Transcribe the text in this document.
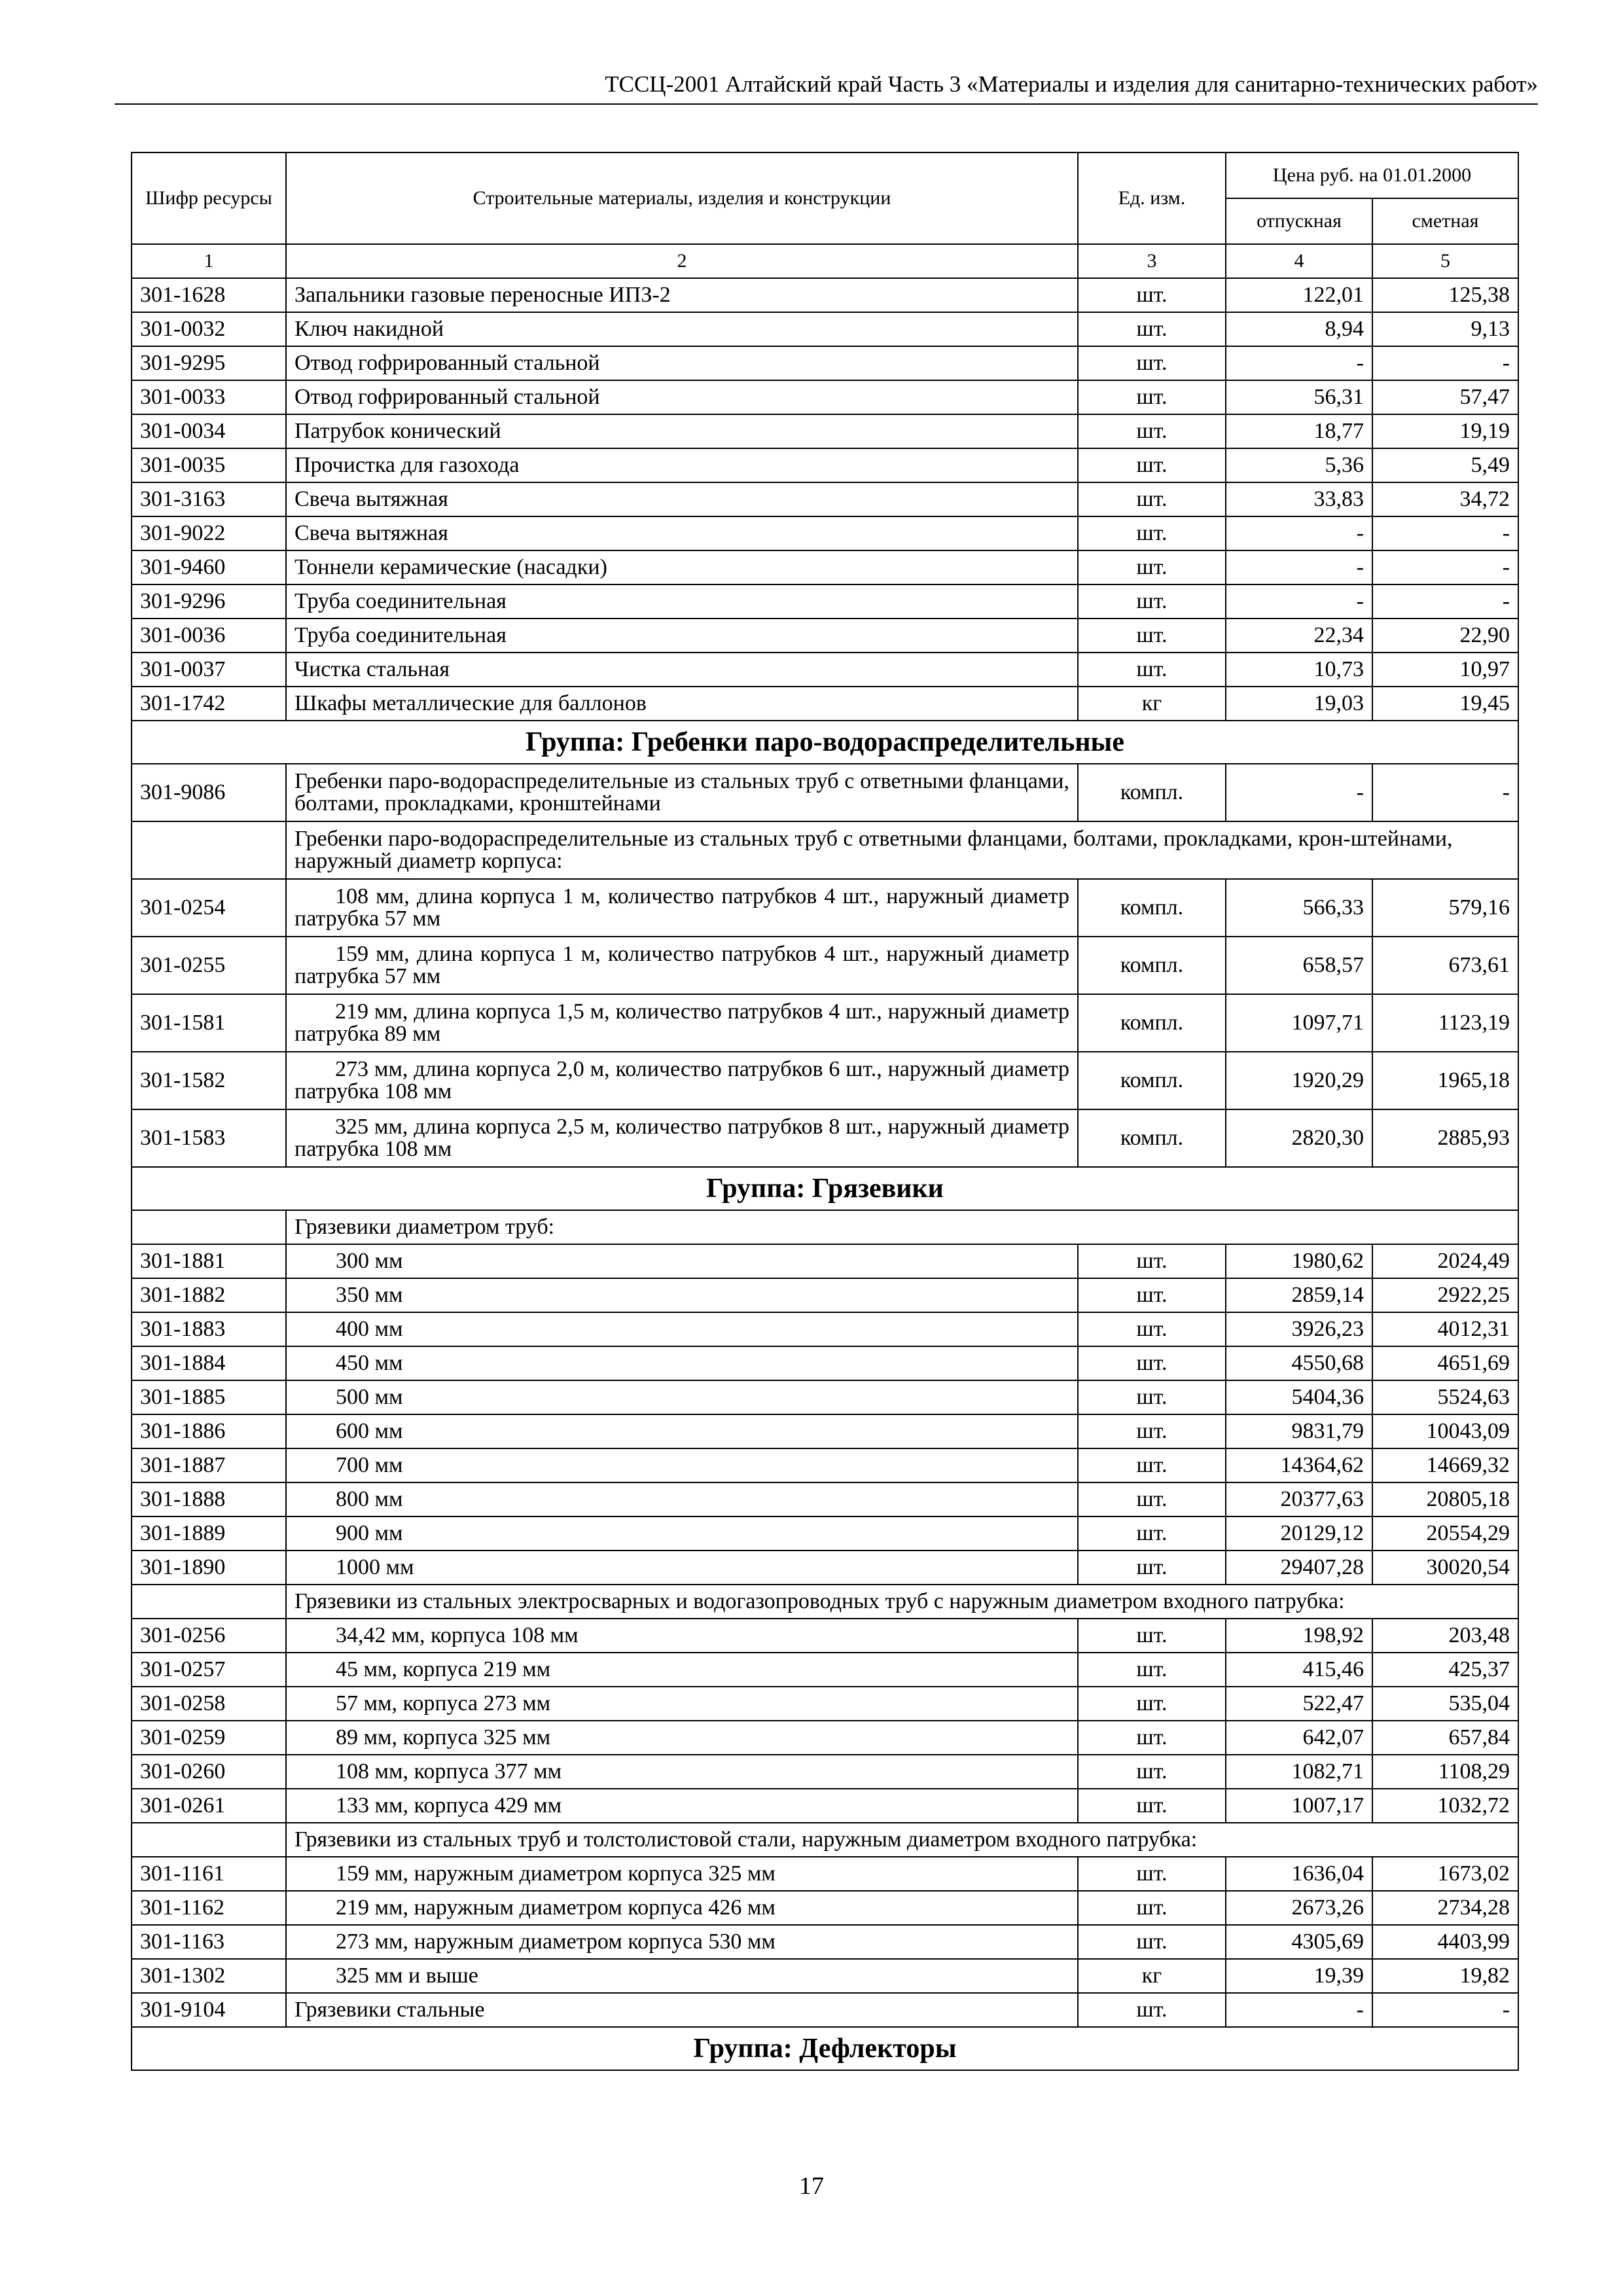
ТССЦ-2001 Алтайский край Часть 3 «Материалы и изделия для санитарно-технических работ»
Шифр ресурсы	Строительные материалы, изделия и конструкции	Ед. изм.	Цена руб. на 01.01.2000	
			отпускная	сметная
1	2	3	4	5
301-1628	Запальники газовые переносные ИПЗ-2	шт.	122,01	125,38
301-0032	Ключ накидной	шт.	8,94	9,13
301-9295	Отвод гофрированный стальной	шт.	-	-
301-0033	Отвод гофрированный стальной	шт.	56,31	57,47
301-0034	Патрубок конический	шт.	18,77	19,19
301-0035	Прочистка для газохода	шт.	5,36	5,49
301-3163	Свеча вытяжная	шт.	33,83	34,72
301-9022	Свеча вытяжная	шт.	-	-
301-9460	Тоннели керамические (насадки)	шт.	-	-
301-9296	Труба соединительная	шт.	-	-
301-0036	Труба соединительная	шт.	22,34	22,90
301-0037	Чистка стальная	шт.	10,73	10,97
301-1742	Шкафы металлические для баллонов	кг	19,03	19,45
Группа: Гребенки паро-водораспределительные				
301-9086	Гребенки паро-водораспределительные из стальных труб с ответными фланцами, болтами, прокладками, кронштейнами	компл.	-	-
	Гребенки паро-водораспределительные из стальных труб с ответными фланцами, болтами, прокладками, крон-штейнами, наружный диаметр корпуса:			
301-0254	108 мм, длина корпуса 1 м, количество патрубков 4 шт., наружный диаметр патрубка 57 мм	компл.	566,33	579,16
301-0255	159 мм, длина корпуса 1 м, количество патрубков 4 шт., наружный диаметр патрубка 57 мм	компл.	658,57	673,61
301-1581	219 мм, длина корпуса 1,5 м, количество патрубков 4 шт., наружный диаметр патрубка 89 мм	компл.	1097,71	1123,19
301-1582	273 мм, длина корпуса 2,0 м, количество патрубков 6 шт., наружный диаметр патрубка 108 мм	компл.	1920,29	1965,18
301-1583	325 мм, длина корпуса 2,5 м, количество патрубков 8 шт., наружный диаметр патрубка 108 мм	компл.	2820,30	2885,93
Группа: Грязевики				
	Грязевики диаметром труб:			
301-1881	300 мм	шт.	1980,62	2024,49
301-1882	350 мм	шт.	2859,14	2922,25
301-1883	400 мм	шт.	3926,23	4012,31
301-1884	450 мм	шт.	4550,68	4651,69
301-1885	500 мм	шт.	5404,36	5524,63
301-1886	600 мм	шт.	9831,79	10043,09
301-1887	700 мм	шт.	14364,62	14669,32
301-1888	800 мм	шт.	20377,63	20805,18
301-1889	900 мм	шт.	20129,12	20554,29
301-1890	1000 мм	шт.	29407,28	30020,54
	Грязевики из стальных электросварных и водогазопроводных труб с наружным диаметром входного патрубка:			
301-0256	34,42 мм, корпуса 108 мм	шт.	198,92	203,48
301-0257	45 мм, корпуса 219 мм	шт.	415,46	425,37
301-0258	57 мм, корпуса 273 мм	шт.	522,47	535,04
301-0259	89 мм, корпуса 325 мм	шт.	642,07	657,84
301-0260	108 мм, корпуса 377 мм	шт.	1082,71	1108,29
301-0261	133 мм, корпуса 429 мм	шт.	1007,17	1032,72
	Грязевики из стальных труб и толстолистовой стали, наружным диаметром входного патрубка:			
301-1161	159 мм, наружным диаметром корпуса 325 мм	шт.	1636,04	1673,02
301-1162	219 мм, наружным диаметром корпуса 426 мм	шт.	2673,26	2734,28
301-1163	273 мм, наружным диаметром корпуса 530 мм	шт.	4305,69	4403,99
301-1302	325 мм и выше	кг	19,39	19,82
301-9104	Грязевики стальные	шт.	-	-
Группа: Дефлекторы				
17
